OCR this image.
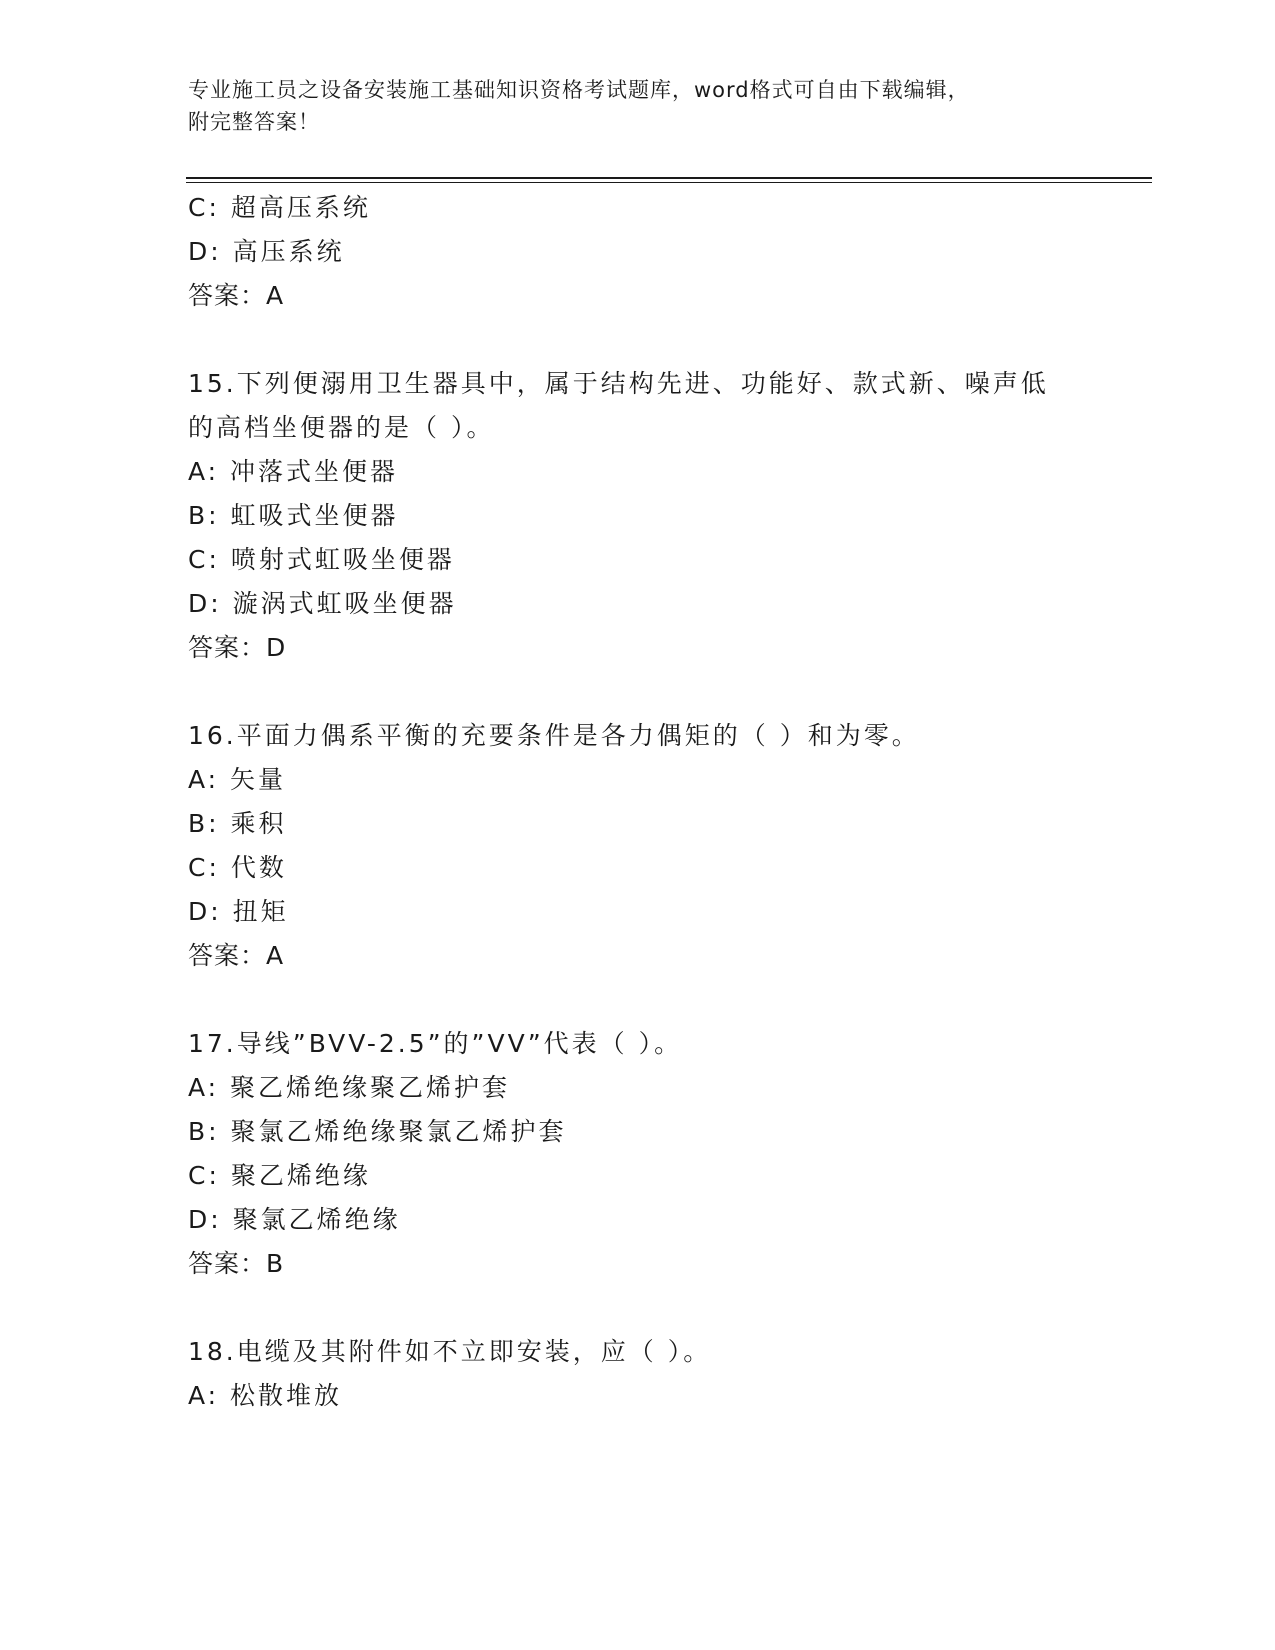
专业施工员之设备安装施工基础知识资格考试题库，word格式可自由下载编辑，
附完整答案！
C: 超高压系统
D: 高压系统
答案：A
15.下列便溺用卫生器具中，属于结构先进、功能好、款式新、噪声低
的高档坐便器的是（ ）。
A: 冲落式坐便器
B: 虹吸式坐便器
C: 喷射式虹吸坐便器
D: 漩涡式虹吸坐便器
答案：D
16.平面力偶系平衡的充要条件是各力偶矩的（ ）和为零。
A: 矢量
B: 乘积
C: 代数
D: 扭矩
答案：A
17.导线”BVV-2.5”的”VV”代表（ ）。
A: 聚乙烯绝缘聚乙烯护套
B: 聚氯乙烯绝缘聚氯乙烯护套
C: 聚乙烯绝缘
D: 聚氯乙烯绝缘
答案：B
18.电缆及其附件如不立即安装，应（ ）。
A: 松散堆放
